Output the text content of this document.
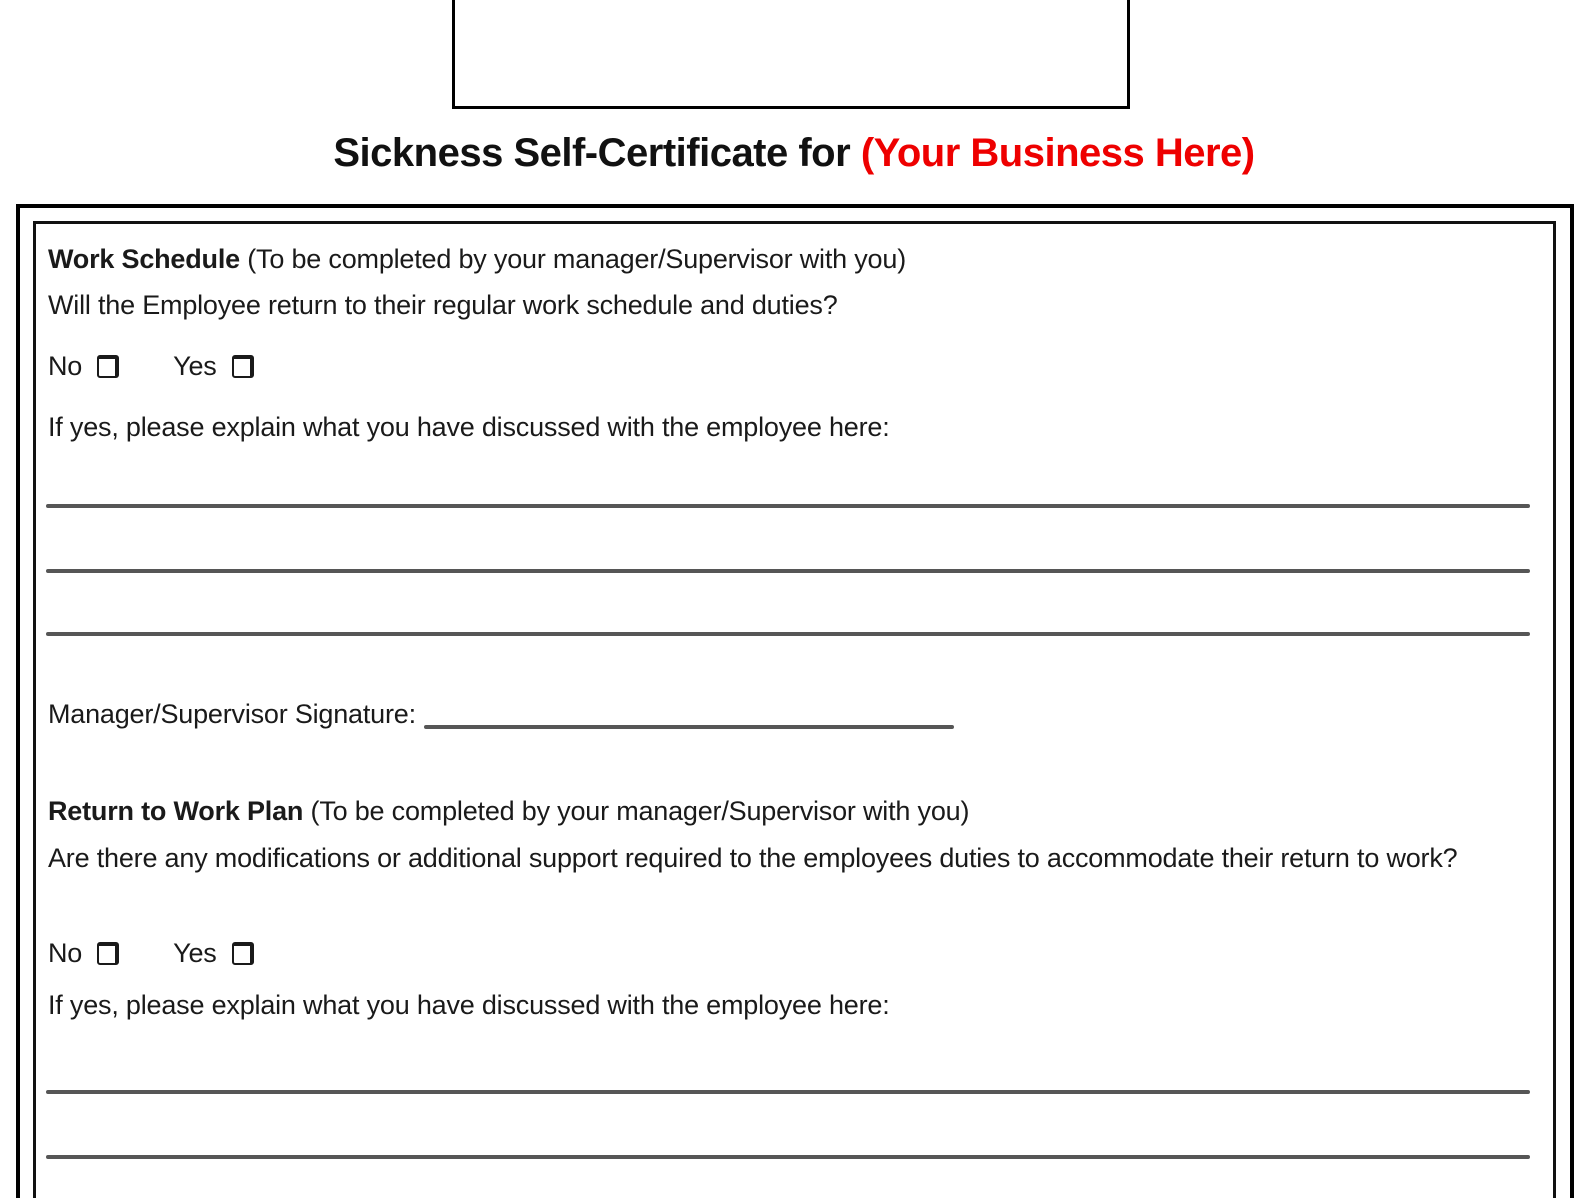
Sickness Self-Certificate for (Your Business Here)
Work Schedule (To be completed by your manager/Supervisor with you)
Will the Employee return to their regular work schedule and duties?
No	Yes
If yes, please explain what you have discussed with the employee here:
Manager/Supervisor Signature:
Return to Work Plan (To be completed by your manager/Supervisor with you)
Are there any modifications or additional support required to the employees duties to accommodate their return to work?
No	Yes
If yes, please explain what you have discussed with the employee here:
